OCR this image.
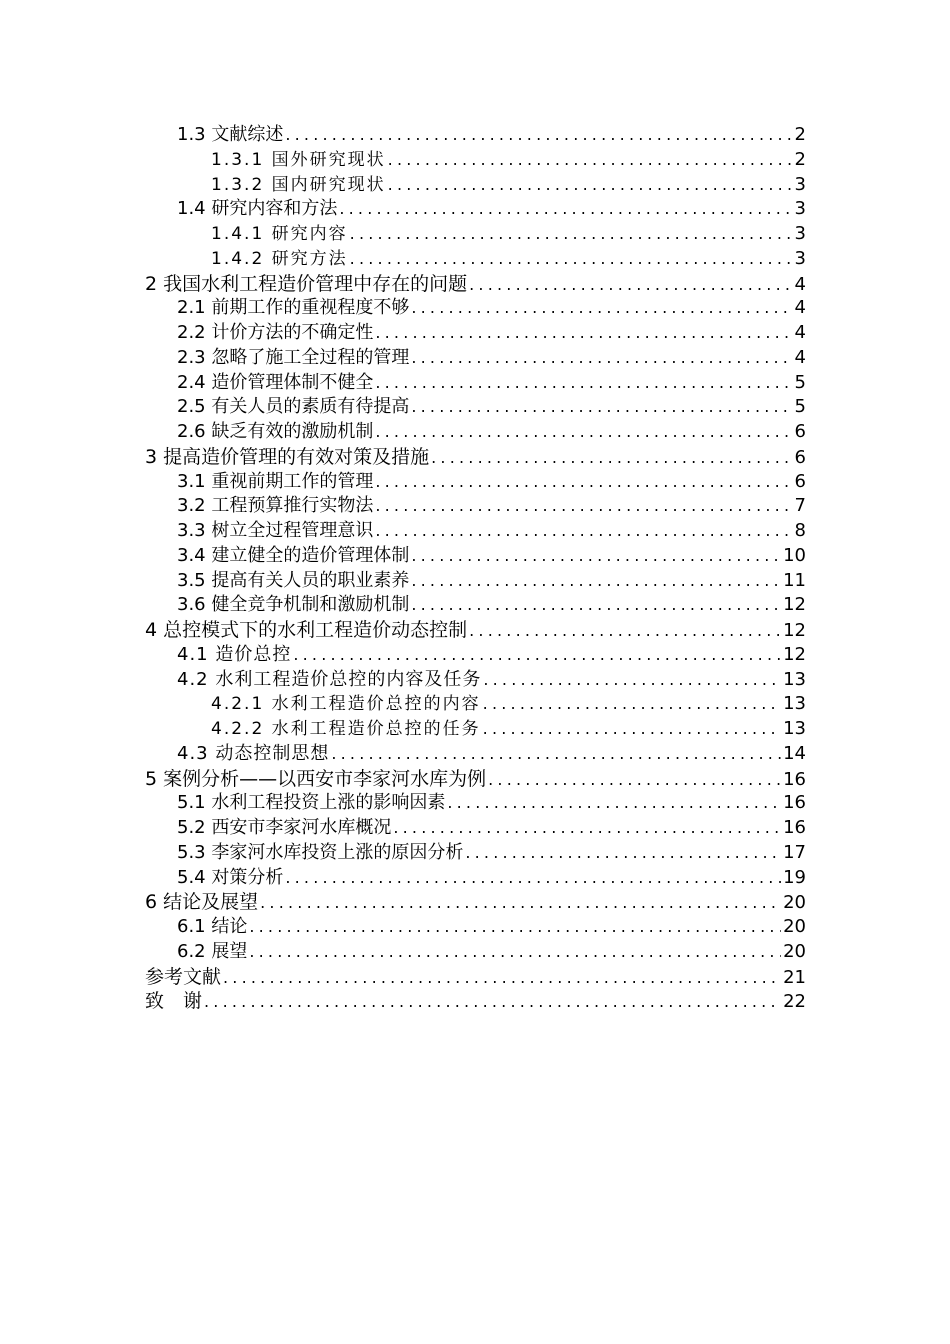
1.3 文献综述 .....	2
1.3.1 国外研究现状 .....	2
1.3.2 国内研究现状 .....	3
1.4 研究内容和方法 .....	3
1.4.1 研究内容 .....	3
1.4.2 研究方法 .....	3
2 我国水利工程造价管理中存在的问题 .....	4
2.1 前期工作的重视程度不够 .....	4
2.2 计价方法的不确定性 .....	4
2.3 忽略了施工全过程的管理 .....	4
2.4 造价管理体制不健全 .....	5
2.5 有关人员的素质有待提高 .....	5
2.6 缺乏有效的激励机制 .....	6
3 提高造价管理的有效对策及措施 .....	6
3.1 重视前期工作的管理 .....	6
3.2 工程预算推行实物法 .....	7
3.3 树立全过程管理意识 .....	8
3.4 建立健全的造价管理体制 .....	10
3.5 提高有关人员的职业素养 .....	11
3.6 健全竞争机制和激励机制 .....	12
4 总控模式下的水利工程造价动态控制 .....	12
4.1 造价总控 .....	12
4.2 水利工程造价总控的内容及任务 .....	13
4.2.1 水利工程造价总控的内容 .....	13
4.2.2 水利工程造价总控的任务 .....	13
4.3 动态控制思想 .....	14
5 案例分析——以西安市李家河水库为例 .....	16
5.1 水利工程投资上涨的影响因素 .....	16
5.2 西安市李家河水库概况 .....	16
5.3 李家河水库投资上涨的原因分析 .....	17
5.4 对策分析 .....	19
6 结论及展望 .....	20
6.1 结论 .....	20
6.2 展望 .....	20
参考文献 .....	21
致　谢 .....	22
